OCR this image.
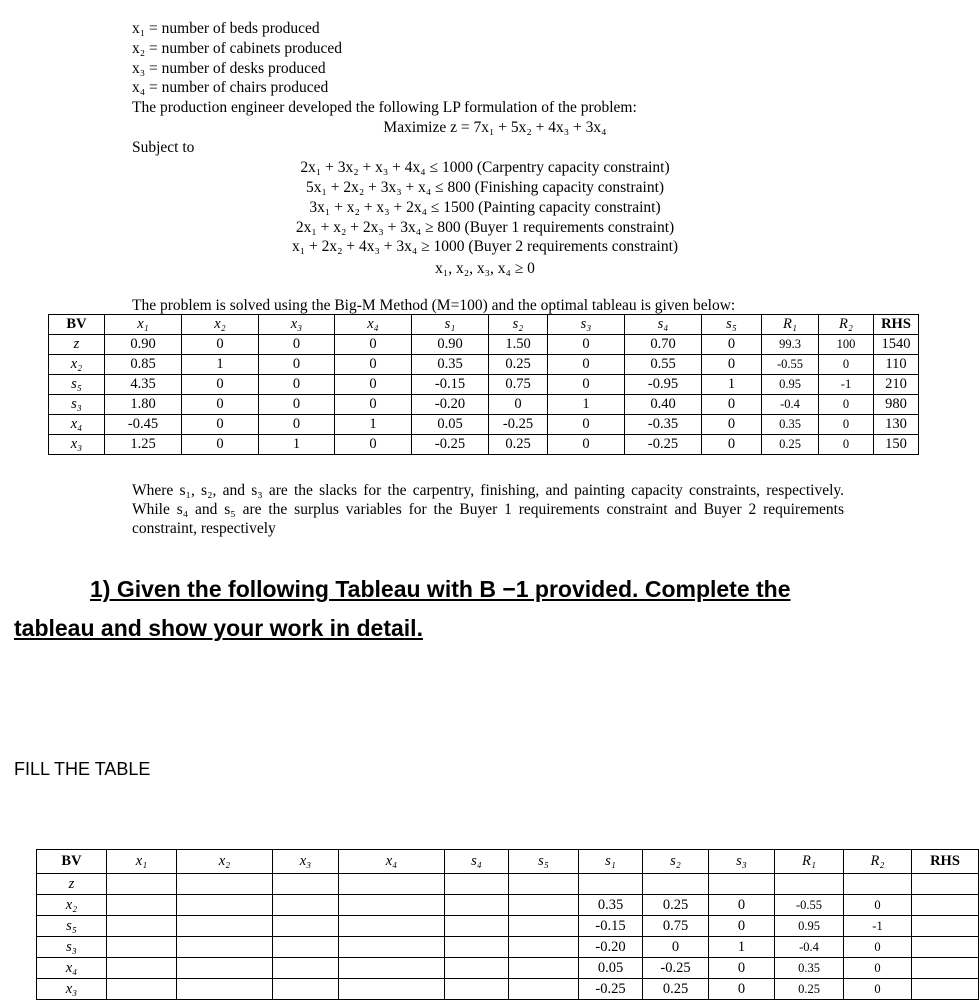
x₁ = number of beds produced
x₂ = number of cabinets produced
x₃ = number of desks produced
x₄ = number of chairs produced
The production engineer developed the following LP formulation of the problem:
Maximize z = 7x₁ + 5x₂ + 4x₃ + 3x₄
Subject to
2x₁ + 3x₂ + x₃ + 4x₄ ≤ 1000 (Carpentry capacity constraint)
5x₁ + 2x₂ + 3x₃ + x₄ ≤ 800 (Finishing capacity constraint)
3x₁ + x₂ + x₃ + 2x₄ ≤ 1500 (Painting capacity constraint)
2x₁ + x₂ + 2x₃ + 3x₄ ≥ 800 (Buyer 1 requirements constraint)
x₁ + 2x₂ + 4x₃ + 3x₄ ≥ 1000 (Buyer 2 requirements constraint)
x₁, x₂, x₃, x₄ ≥ 0
The problem is solved using the Big-M Method (M=100) and the optimal tableau is given below:
BV	x₁	x₂	x₃	x₄	s₁	s₂	s₃	s₄	s₅	R₁	R₂	RHS
z	0.90	0	0	0	0.90	1.50	0	0.70	0	99.3	100	1540
x₂	0.85	1	0	0	0.35	0.25	0	0.55	0	-0.55	0	110
s₅	4.35	0	0	0	-0.15	0.75	0	-0.95	1	0.95	-1	210
s₃	1.80	0	0	0	-0.20	0	1	0.40	0	-0.4	0	980
x₄	-0.45	0	0	1	0.05	-0.25	0	-0.35	0	0.35	0	130
x₃	1.25	0	1	0	-0.25	0.25	0	-0.25	0	0.25	0	150
Where s₁, s₂, and s₃ are the slacks for the carpentry, finishing, and painting capacity constraints, respectively. While s₄ and s₅ are the surplus variables for the Buyer 1 requirements constraint and Buyer 2 requirements constraint, respectively
1) Given the following Tableau with B −1 provided. Complete the
tableau and show your work in detail.
FILL THE TABLE
BV	x₁	x₂	x₃	x₄	s₄	s₅	s₁	s₂	s₃	R₁	R₂	RHS
z												
x₂							0.35	0.25	0	-0.55	0	
s₅							-0.15	0.75	0	0.95	-1	
s₃							-0.20	0	1	-0.4	0	
x₄							0.05	-0.25	0	0.35	0	
x₃							-0.25	0.25	0	0.25	0	
